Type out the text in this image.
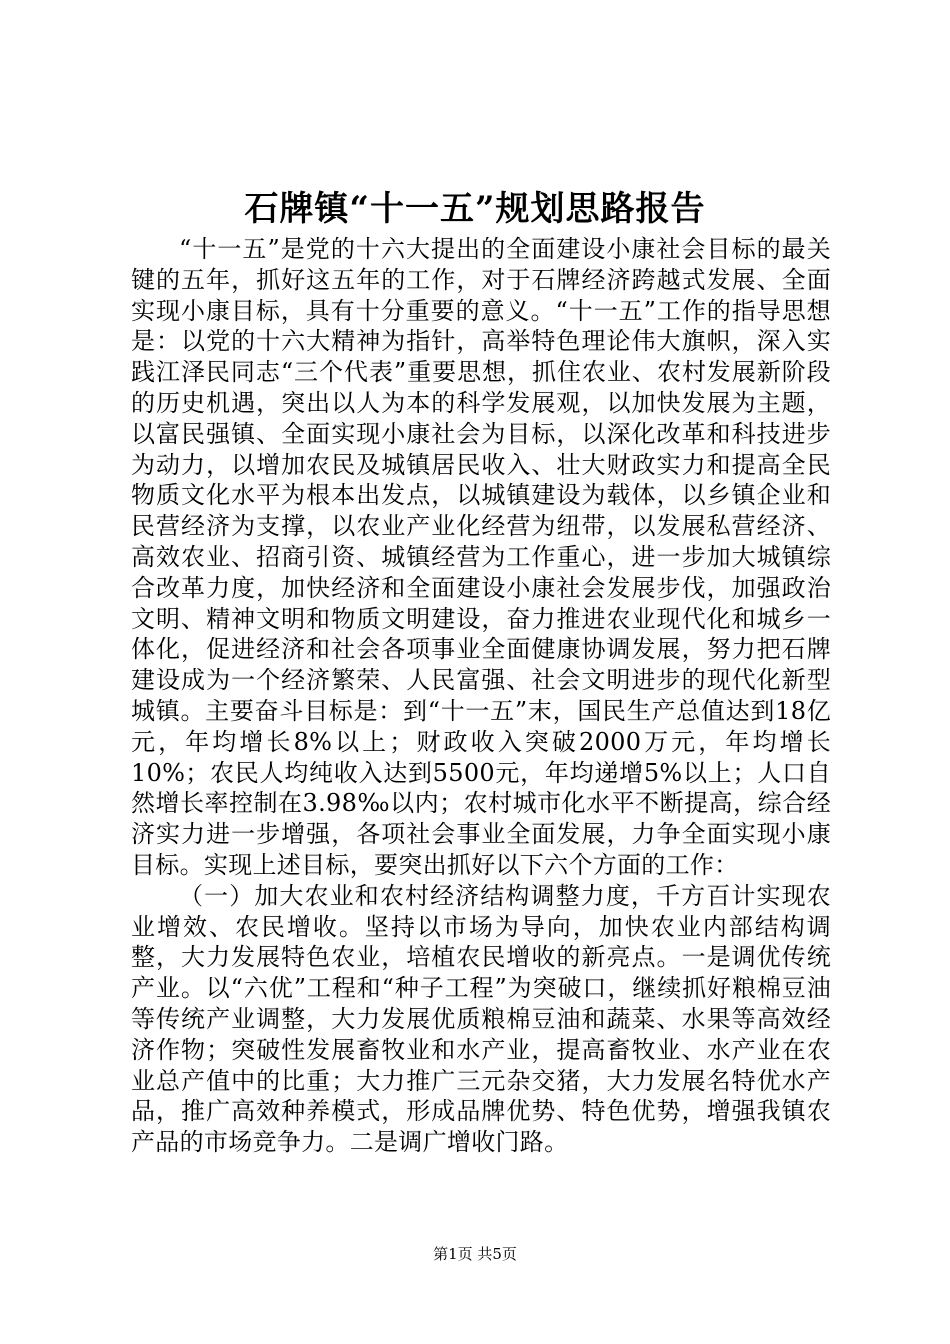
石牌镇“十一五”规划思路报告

“十一五”是党的十六大提出的全面建设小康社会目标的最关键的五年，抓好这五年的工作，对于石牌经济跨越式发展、全面实现小康目标，具有十分重要的意义。“十一五”工作的指导思想是：以党的十六大精神为指针，高举特色理论伟大旗帜，深入实践江泽民同志“三个代表”重要思想，抓住农业、农村发展新阶段的历史机遇，突出以人为本的科学发展观，以加快发展为主题，以富民强镇、全面实现小康社会为目标，以深化改革和科技进步为动力，以增加农民及城镇居民收入、壮大财政实力和提高全民物质文化水平为根本出发点，以城镇建设为载体，以乡镇企业和民营经济为支撑，以农业产业化经营为纽带，以发展私营经济、高效农业、招商引资、城镇经营为工作重心，进一步加大城镇综合改革力度，加快经济和全面建设小康社会发展步伐，加强政治文明、精神文明和物质文明建设，奋力推进农业现代化和城乡一体化，促进经济和社会各项事业全面健康协调发展，努力把石牌建设成为一个经济繁荣、人民富强、社会文明进步的现代化新型城镇。主要奋斗目标是：到“十一五”末，国民生产总值达到18亿元，年均增长8%以上；财政收入突破2000万元，年均增长10%；农民人均纯收入达到5500元，年均递增5%以上；人口自然增长率控制在3.98‰以内；农村城市化水平不断提高，综合经济实力进一步增强，各项社会事业全面发展，力争全面实现小康目标。实现上述目标，要突出抓好以下六个方面的工作：

（一）加大农业和农村经济结构调整力度，千方百计实现农业增效、农民增收。坚持以市场为导向，加快农业内部结构调整，大力发展特色农业，培植农民增收的新亮点。一是调优传统产业。以“六优”工程和“种子工程”为突破口，继续抓好粮棉豆油等传统产业调整，大力发展优质粮棉豆油和蔬菜、水果等高效经济作物；突破性发展畜牧业和水产业，提高畜牧业、水产业在农业总产值中的比重；大力推广三元杂交猪，大力发展名特优水产品，推广高效种养模式，形成品牌优势、特色优势，增强我镇农产品的市场竞争力。二是调广增收门路。

第1页 共5页
